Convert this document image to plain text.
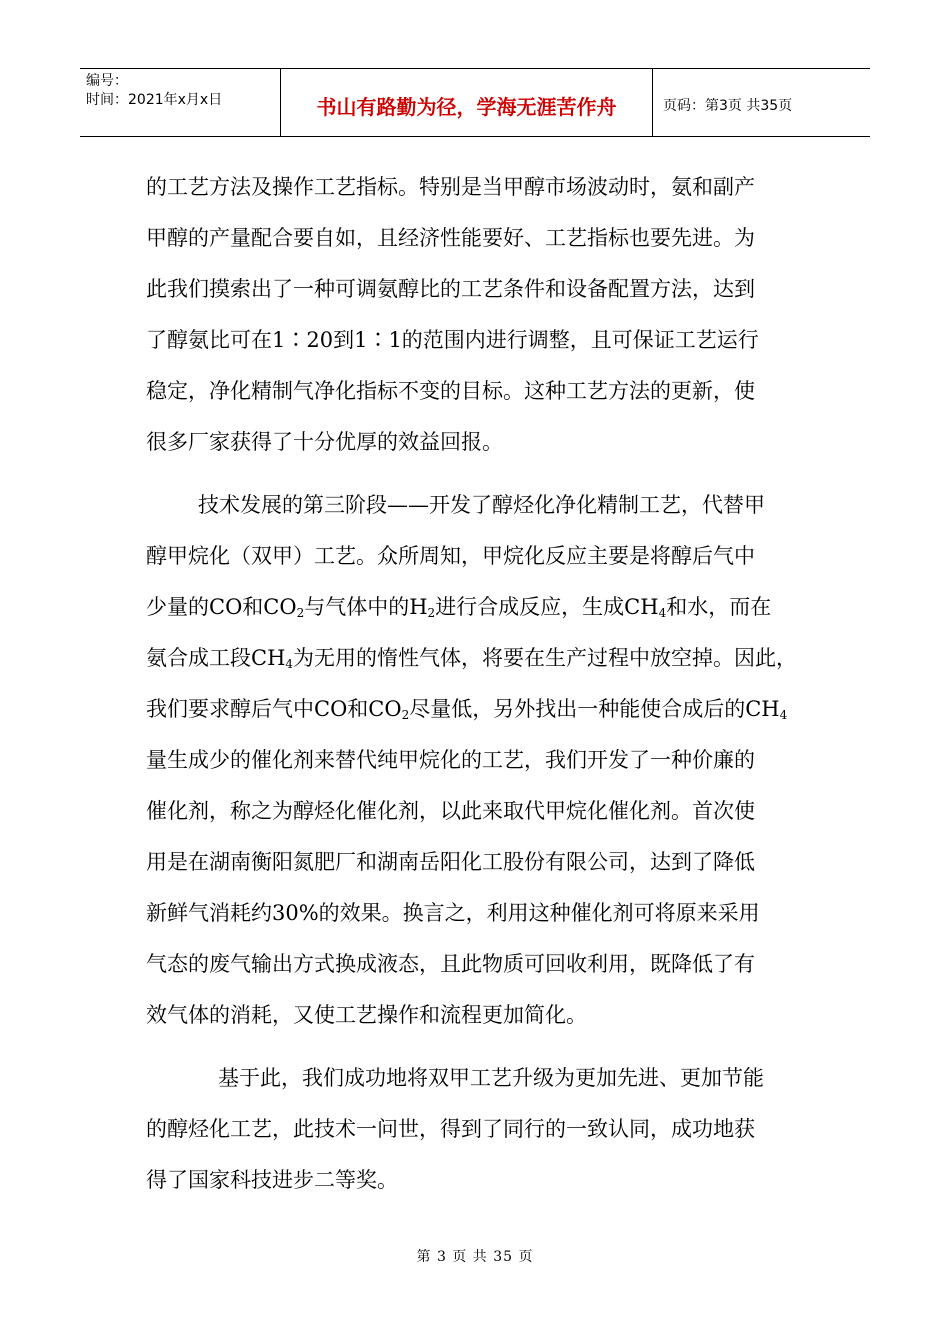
编号：
时间：2021年x月x日	书山有路勤为径，学海无涯苦作舟	页码：第3页 共35页

的工艺方法及操作工艺指标。特别是当甲醇市场波动时，氨和副产

甲醇的产量配合要自如，且经济性能要好、工艺指标也要先进。为

此我们摸索出了一种可调氨醇比的工艺条件和设备配置方法，达到

了醇氨比可在1∶20到1∶1的范围内进行调整，且可保证工艺运行

稳定，净化精制气净化指标不变的目标。这种工艺方法的更新，使

很多厂家获得了十分优厚的效益回报。

技术发展的第三阶段——开发了醇烃化净化精制工艺，代替甲

醇甲烷化（双甲）工艺。众所周知，甲烷化反应主要是将醇后气中

少量的CO和$CO_2$与气体中的$H_2$进行合成反应，生成$CH_4$和水，而在

氨合成工段$CH_4$为无用的惰性气体，将要在生产过程中放空掉。因此，

我们要求醇后气中CO和$CO_2$尽量低，另外找出一种能使合成后的$CH_4$

量生成少的催化剂来替代纯甲烷化的工艺，我们开发了一种价廉的

催化剂，称之为醇烃化催化剂，以此来取代甲烷化催化剂。首次使

用是在湖南衡阳氮肥厂和湖南岳阳化工股份有限公司，达到了降低

新鲜气消耗约30%的效果。换言之，利用这种催化剂可将原来采用

气态的废气输出方式换成液态，且此物质可回收利用，既降低了有

效气体的消耗，又使工艺操作和流程更加简化。

基于此，我们成功地将双甲工艺升级为更加先进、更加节能

的醇烃化工艺，此技术一问世，得到了同行的一致认同，成功地获

得了国家科技进步二等奖。

第 3 页 共 35 页
